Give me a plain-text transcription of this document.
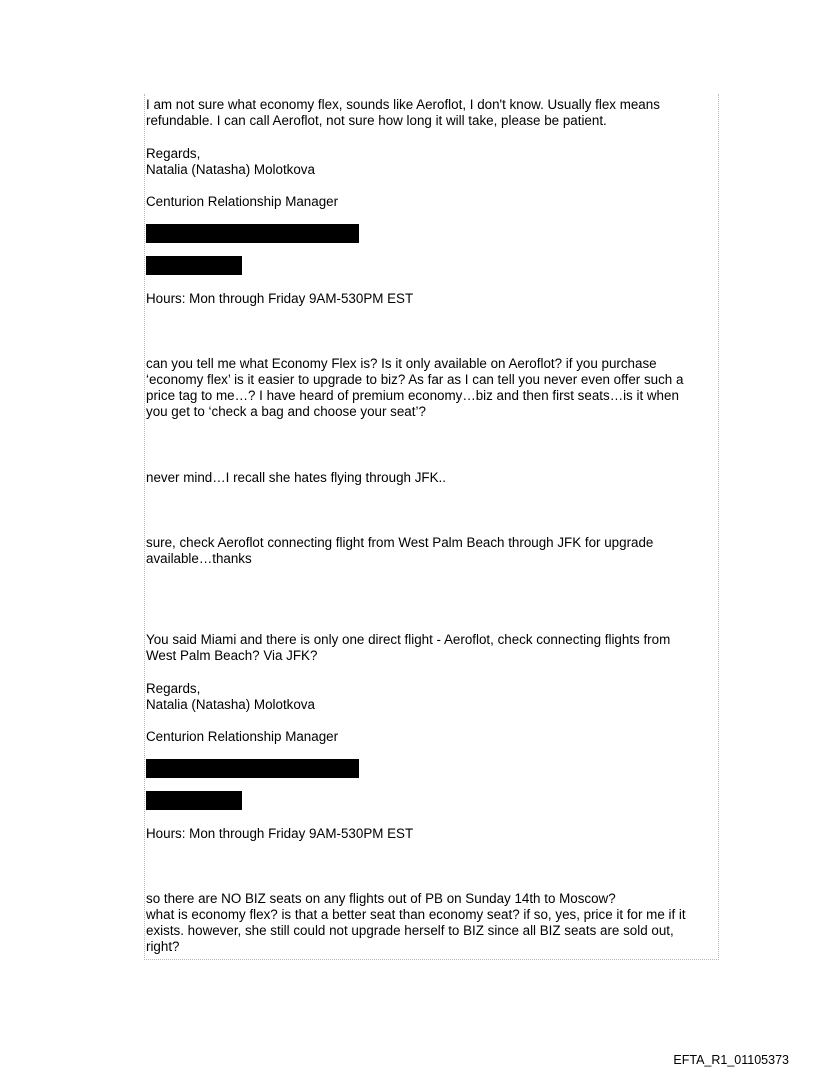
I am not sure what economy flex, sounds like Aeroflot, I don't know. Usually flex means
refundable. I can call Aeroflot, not sure how long it will take, please be patient.
Regards,
Natalia (Natasha) Molotkova
Centurion Relationship Manager
Hours: Mon through Friday 9AM-530PM EST
can you tell me what Economy Flex is? Is it only available on Aeroflot? if you purchase
‘economy flex’ is it easier to upgrade to biz? As far as I can tell you never even offer such a
price tag to me…? I have heard of premium economy…biz and then first seats…is it when
you get to ‘check a bag and choose your seat’?
never mind…I recall she hates flying through JFK..
sure, check Aeroflot connecting flight from West Palm Beach through JFK for upgrade
available…thanks
You said Miami and there is only one direct flight - Aeroflot, check connecting flights from
West Palm Beach? Via JFK?
Regards,
Natalia (Natasha) Molotkova
Centurion Relationship Manager
Hours: Mon through Friday 9AM-530PM EST
so there are NO BIZ seats on any flights out of PB on Sunday 14th to Moscow?
what is economy flex? is that a better seat than economy seat? if so, yes, price it for me if it
exists. however, she still could not upgrade herself to BIZ since all BIZ seats are sold out,
right?
EFTA_R1_01105373
